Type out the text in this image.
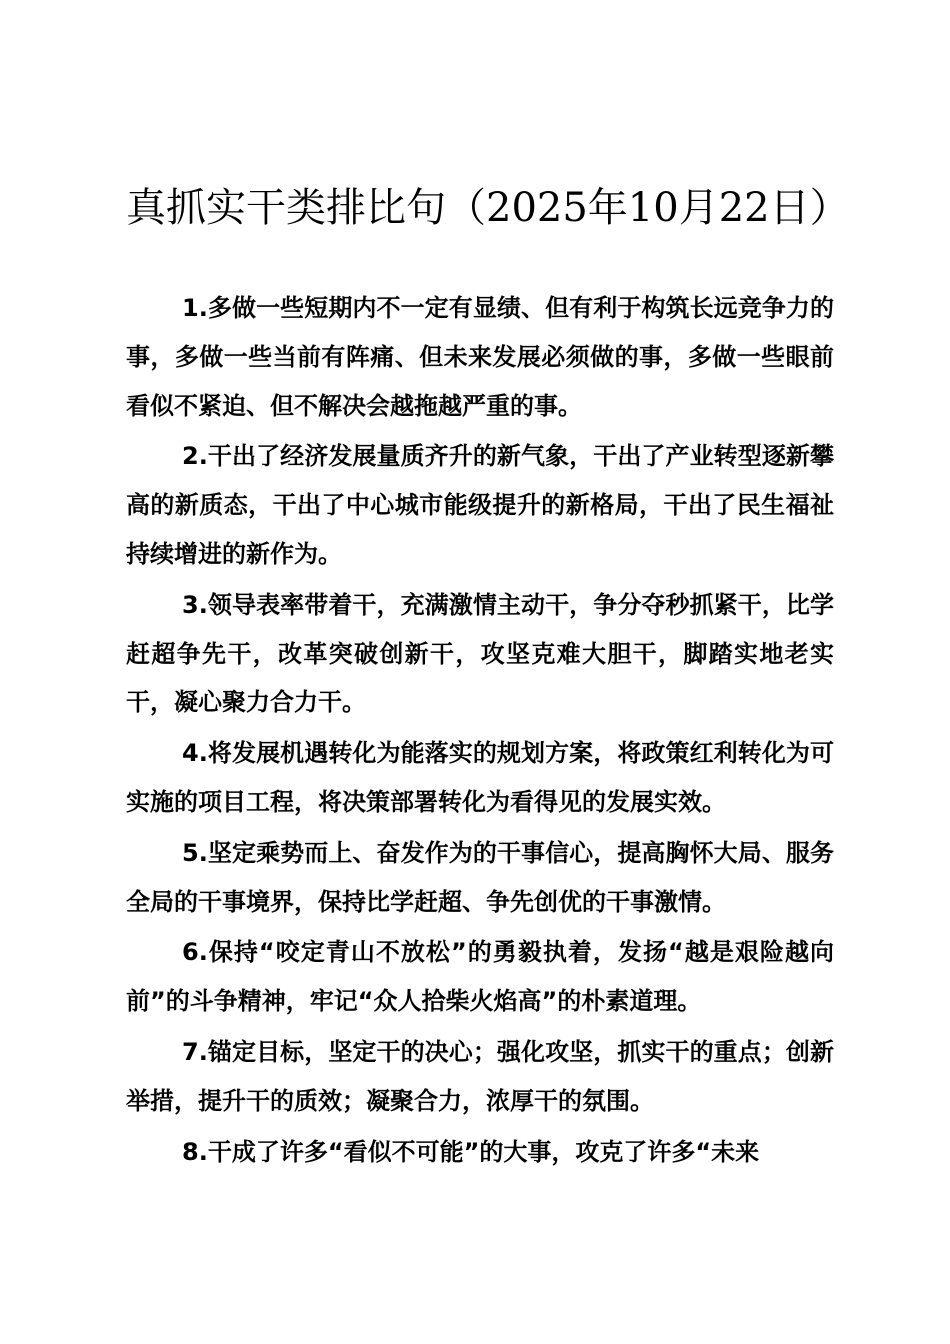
真抓实干类排比句（2025年10月22日）

1.多做一些短期内不一定有显绩、但有利于构筑长远竞争力的事，多做一些当前有阵痛、但未来发展必须做的事，多做一些眼前看似不紧迫、但不解决会越拖越严重的事。

2.干出了经济发展量质齐升的新气象，干出了产业转型逐新攀高的新质态，干出了中心城市能级提升的新格局，干出了民生福祉持续增进的新作为。

3.领导表率带着干，充满激情主动干，争分夺秒抓紧干，比学赶超争先干，改革突破创新干，攻坚克难大胆干，脚踏实地老实干，凝心聚力合力干。

4.将发展机遇转化为能落实的规划方案，将政策红利转化为可实施的项目工程，将决策部署转化为看得见的发展实效。

5.坚定乘势而上、奋发作为的干事信心，提高胸怀大局、服务全局的干事境界，保持比学赶超、争先创优的干事激情。

6.保持“咬定青山不放松”的勇毅执着，发扬“越是艰险越向前”的斗争精神，牢记“众人拾柴火焰高”的朴素道理。

7.锚定目标，坚定干的决心；强化攻坚，抓实干的重点；创新举措，提升干的质效；凝聚合力，浓厚干的氛围。

8.干成了许多“看似不可能”的大事，攻克了许多“未来
